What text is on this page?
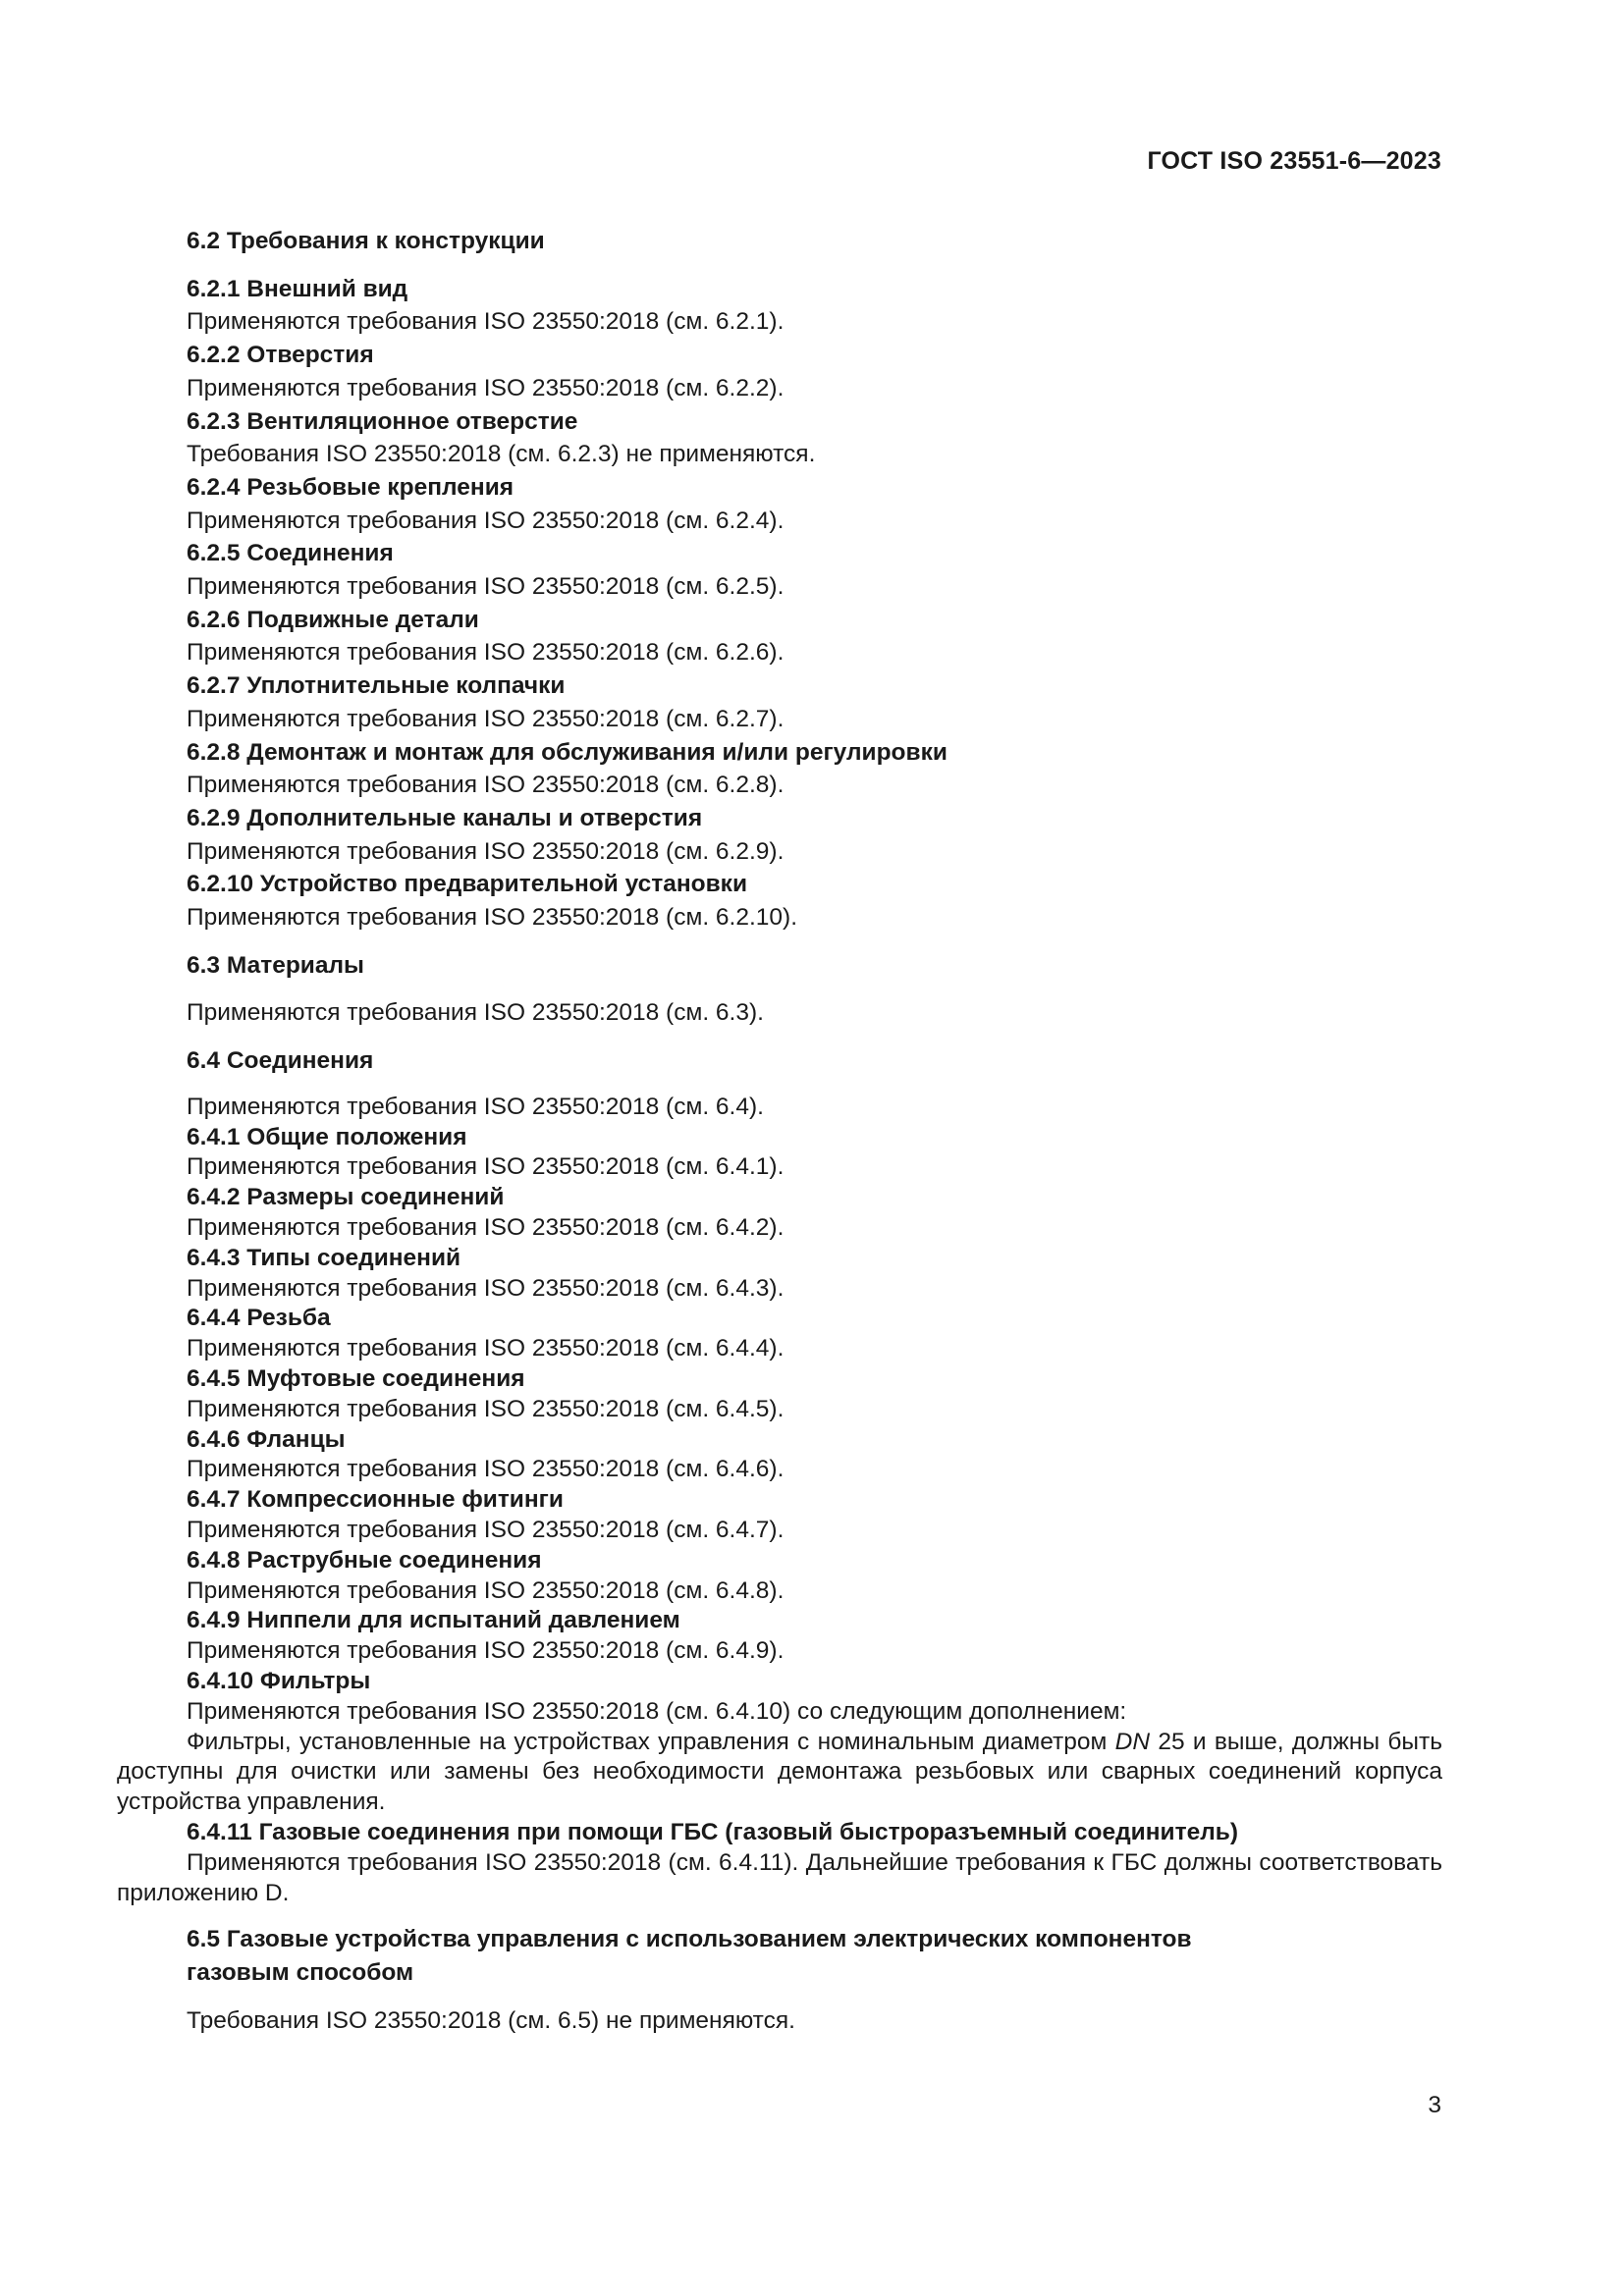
ГОСТ ISO 23551-6—2023
6.2 Требования к конструкции
6.2.1 Внешний вид
Применяются требования ISO 23550:2018 (см. 6.2.1).
6.2.2 Отверстия
Применяются требования ISO 23550:2018 (см. 6.2.2).
6.2.3 Вентиляционное отверстие
Требования ISO 23550:2018 (см. 6.2.3) не применяются.
6.2.4 Резьбовые крепления
Применяются требования ISO 23550:2018 (см. 6.2.4).
6.2.5 Соединения
Применяются требования ISO 23550:2018 (см. 6.2.5).
6.2.6 Подвижные детали
Применяются требования ISO 23550:2018 (см. 6.2.6).
6.2.7 Уплотнительные колпачки
Применяются требования ISO 23550:2018 (см. 6.2.7).
6.2.8 Демонтаж и монтаж для обслуживания и/или регулировки
Применяются требования ISO 23550:2018 (см. 6.2.8).
6.2.9 Дополнительные каналы и отверстия
Применяются требования ISO 23550:2018 (см. 6.2.9).
6.2.10 Устройство предварительной установки
Применяются требования ISO 23550:2018 (см. 6.2.10).
6.3 Материалы
Применяются требования ISO 23550:2018 (см. 6.3).
6.4 Соединения
Применяются требования ISO 23550:2018 (см. 6.4).
6.4.1 Общие положения
Применяются требования ISO 23550:2018 (см. 6.4.1).
6.4.2 Размеры соединений
Применяются требования ISO 23550:2018 (см. 6.4.2).
6.4.3 Типы соединений
Применяются требования ISO 23550:2018 (см. 6.4.3).
6.4.4 Резьба
Применяются требования ISO 23550:2018 (см. 6.4.4).
6.4.5 Муфтовые соединения
Применяются требования ISO 23550:2018 (см. 6.4.5).
6.4.6 Фланцы
Применяются требования ISO 23550:2018 (см. 6.4.6).
6.4.7 Компрессионные фитинги
Применяются требования ISO 23550:2018 (см. 6.4.7).
6.4.8 Раструбные соединения
Применяются требования ISO 23550:2018 (см. 6.4.8).
6.4.9 Ниппели для испытаний давлением
Применяются требования ISO 23550:2018 (см. 6.4.9).
6.4.10 Фильтры
Применяются требования ISO 23550:2018 (см. 6.4.10) со следующим дополнением:
Фильтры, установленные на устройствах управления с номинальным диаметром DN 25 и выше, должны быть доступны для очистки или замены без необходимости демонтажа резьбовых или сварных соединений корпуса устройства управления.
6.4.11 Газовые соединения при помощи ГБС (газовый быстроразъемный соединитель)
Применяются требования ISO 23550:2018 (см. 6.4.11). Дальнейшие требования к ГБС должны соответствовать приложению D.
6.5 Газовые устройства управления с использованием электрических компонентов
газовым способом
Требования ISO 23550:2018 (см. 6.5) не применяются.
3
